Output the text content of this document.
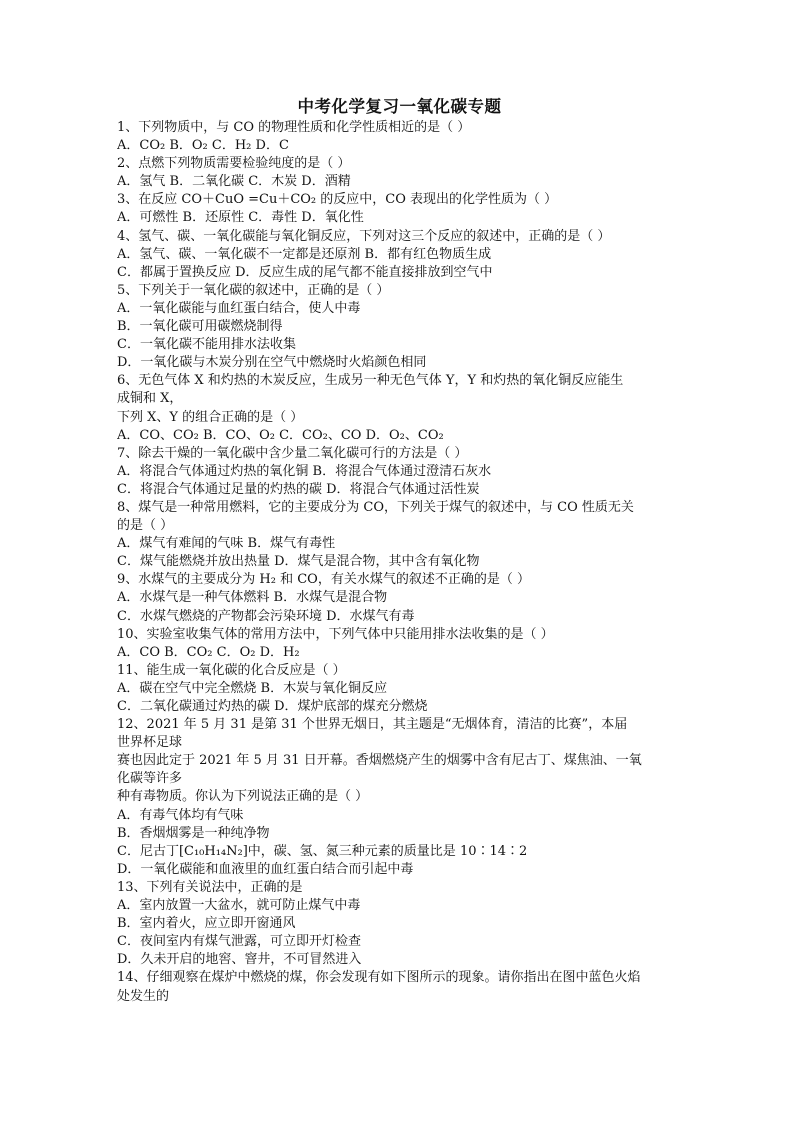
中考化学复习一氧化碳专题
1、下列物质中，与 CO 的物理性质和化学性质相近的是（ ）
A．CO₂ B．O₂ C．H₂ D．C
2、点燃下列物质需要检验纯度的是（ ）
A．氢气 B．二氧化碳 C．木炭 D．酒精
3、在反应 CO＋CuO =Cu＋CO₂ 的反应中，CO 表现出的化学性质为（ ）
A．可燃性 B．还原性 C．毒性 D．氧化性
4、氢气、碳、一氧化碳能与氧化铜反应，下列对这三个反应的叙述中，正确的是（ ）
A．氢气、碳、一氧化碳不一定都是还原剂 B．都有红色物质生成
C．都属于置换反应 D．反应生成的尾气都不能直接排放到空气中
5、下列关于一氧化碳的叙述中，正确的是（ ）
A．一氧化碳能与血红蛋白结合，使人中毒
B．一氧化碳可用碳燃烧制得
C．一氧化碳不能用排水法收集
D．一氧化碳与木炭分别在空气中燃烧时火焰颜色相同
6、无色气体 X 和灼热的木炭反应，生成另一种无色气体 Y，Y 和灼热的氧化铜反应能生
成铜和 X，
下列 X、Y 的组合正确的是（ ）
A．CO、CO₂ B．CO、O₂ C．CO₂、CO D．O₂、CO₂
7、除去干燥的一氧化碳中含少量二氧化碳可行的方法是（ ）
A．将混合气体通过灼热的氧化铜 B．将混合气体通过澄清石灰水
C．将混合气体通过足量的灼热的碳 D．将混合气体通过活性炭
8、煤气是一种常用燃料，它的主要成分为 CO，下列关于煤气的叙述中，与 CO 性质无关
的是（ ）
A．煤气有难闻的气味 B．煤气有毒性
C．煤气能燃烧并放出热量 D．煤气是混合物，其中含有氧化物
9、水煤气的主要成分为 H₂ 和 CO，有关水煤气的叙述不正确的是（ ）
A．水煤气是一种气体燃料 B．水煤气是混合物
C．水煤气燃烧的产物都会污染环境 D．水煤气有毒
10、实验室收集气体的常用方法中，下列气体中只能用排水法收集的是（ ）
A．CO B．CO₂ C．O₂ D．H₂
11、能生成一氧化碳的化合反应是（ ）
A．碳在空气中完全燃烧 B．木炭与氧化铜反应
C．二氧化碳通过灼热的碳 D．煤炉底部的煤充分燃烧
12、2021 年 5 月 31 是第 31 个世界无烟日，其主题是“无烟体育，清洁的比赛”，本届
世界杯足球
赛也因此定于 2021 年 5 月 31 日开幕。香烟燃烧产生的烟雾中含有尼古丁、煤焦油、一氧
化碳等许多
种有毒物质。你认为下列说法正确的是（ ）
A．有毒气体均有气味
B．香烟烟雾是一种纯净物
C．尼古丁[C₁₀H₁₄N₂]中，碳、氢、氮三种元素的质量比是 10∶14∶2
D．一氧化碳能和血液里的血红蛋白结合而引起中毒
13、下列有关说法中，正确的是
A．室内放置一大盆水，就可防止煤气中毒
B．室内着火，应立即开窗通风
C．夜间室内有煤气泄露，可立即开灯检查
D．久未开启的地窖、窨井，不可冒然进入
14、仔细观察在煤炉中燃烧的煤，你会发现有如下图所示的现象。请你指出在图中蓝色火焰
处发生的
